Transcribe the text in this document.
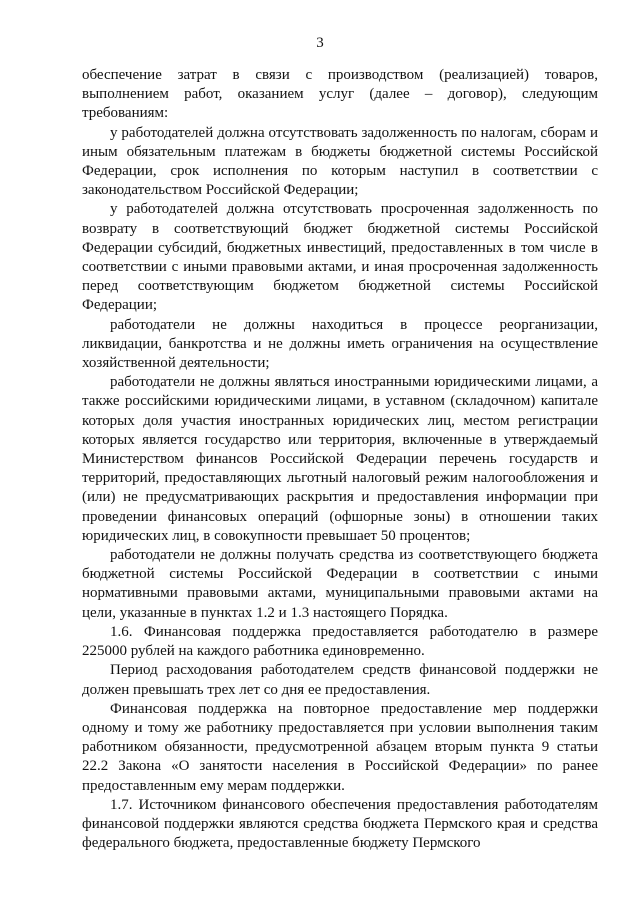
3

обеспечение затрат в связи с производством (реализацией) товаров, выполнением работ, оказанием услуг (далее – договор), следующим требованиям:

у работодателей должна отсутствовать задолженность по налогам, сборам и иным обязательным платежам в бюджеты бюджетной системы Российской Федерации, срок исполнения по которым наступил в соответствии с законодательством Российской Федерации;

у работодателей должна отсутствовать просроченная задолженность по возврату в соответствующий бюджет бюджетной системы Российской Федерации субсидий, бюджетных инвестиций, предоставленных в том числе в соответствии с иными правовыми актами, и иная просроченная задолженность перед соответствующим бюджетом бюджетной системы Российской Федерации;

работодатели не должны находиться в процессе реорганизации, ликвидации, банкротства и не должны иметь ограничения на осуществление хозяйственной деятельности;

работодатели не должны являться иностранными юридическими лицами, а также российскими юридическими лицами, в уставном (складочном) капитале которых доля участия иностранных юридических лиц, местом регистрации которых является государство или территория, включенные в утверждаемый Министерством финансов Российской Федерации перечень государств и территорий, предоставляющих льготный налоговый режим налогообложения и (или) не предусматривающих раскрытия и предоставления информации при проведении финансовых операций (офшорные зоны) в отношении таких юридических лиц, в совокупности превышает 50 процентов;

работодатели не должны получать средства из соответствующего бюджета бюджетной системы Российской Федерации в соответствии с иными нормативными правовыми актами, муниципальными правовыми актами на цели, указанные в пунктах 1.2 и 1.3 настоящего Порядка.

1.6. Финансовая поддержка предоставляется работодателю в размере 225000 рублей на каждого работника единовременно.

Период расходования работодателем средств финансовой поддержки не должен превышать трех лет со дня ее предоставления.

Финансовая поддержка на повторное предоставление мер поддержки одному и тому же работнику предоставляется при условии выполнения таким работником обязанности, предусмотренной абзацем вторым пункта 9 статьи 22.2 Закона «О занятости населения в Российской Федерации» по ранее предоставленным ему мерам поддержки.

1.7. Источником финансового обеспечения предоставления работодателям финансовой поддержки являются средства бюджета Пермского края и средства федерального бюджета, предоставленные бюджету Пермского
